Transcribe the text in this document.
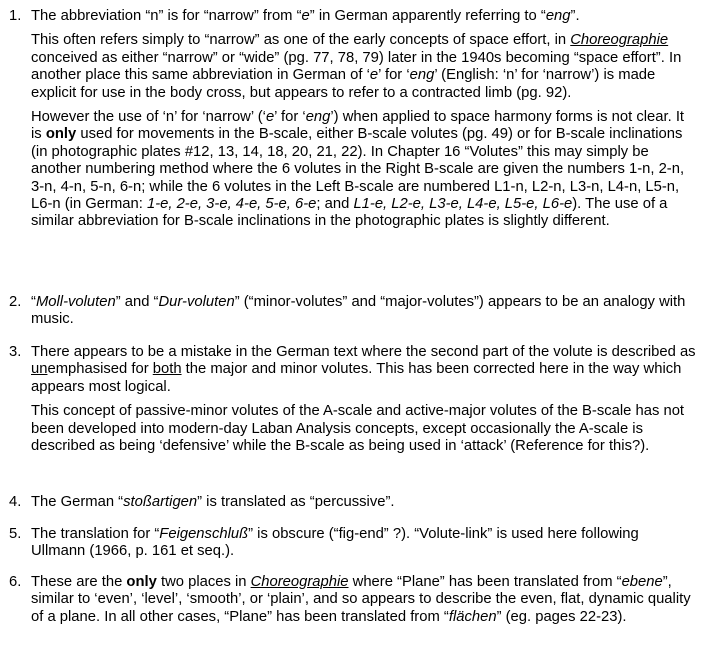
1. The abbreviation “n” is for “narrow” from “e” in German apparently referring to “eng”.

This often refers simply to “narrow” as one of the early concepts of space effort, in Choreographie conceived as either “narrow” or “wide” (pg. 77, 78, 79) later in the 1940s becoming “space effort”. In another place this same abbreviation in German of ‘e’ for ‘eng’ (English: ‘n’ for ‘narrow’) is made explicit for use in the body cross, but appears to refer to a contracted limb (pg. 92).

However the use of ‘n’ for ‘narrow’ (‘e’ for ‘eng’) when applied to space harmony forms is not clear. It is only used for movements in the B-scale, either B-scale volutes (pg. 49) or for B-scale inclinations (in photographic plates #12, 13, 14, 18, 20, 21, 22). In Chapter 16 “Volutes” this may simply be another numbering method where the 6 volutes in the Right B-scale are given the numbers 1-n, 2-n, 3-n, 4-n, 5-n, 6-n; while the 6 volutes in the Left B-scale are numbered L1-n, L2-n, L3-n, L4-n, L5-n, L6-n (in German: 1-e, 2-e, 3-e, 4-e, 5-e, 6-e; and L1-e, L2-e, L3-e, L4-e, L5-e, L6-e). The use of a similar abbreviation for B-scale inclinations in the photographic plates is slightly different.

2. “Moll-voluten” and “Dur-voluten” (“minor-volutes” and “major-volutes”) appears to be an analogy with music.

3. There appears to be a mistake in the German text where the second part of the volute is described as unemphasised for both the major and minor volutes. This has been corrected here in the way which appears most logical.

This concept of passive-minor volutes of the A-scale and active-major volutes of the B-scale has not been developed into modern-day Laban Analysis concepts, except occasionally the A-scale is described as being ‘defensive’ while the B-scale as being used in ‘attack’ (Reference for this?).

4. The German “stoßartigen” is translated as “percussive”.

5. The translation for “Feigenschluß” is obscure (“fig-end” ?). “Volute-link” is used here following Ullmann (1966, p. 161 et seq.).

6. These are the only two places in Choreographie where “Plane” has been translated from “ebene”, similar to ‘even’, ‘level’, ‘smooth’, or ‘plain’, and so appears to describe the even, flat, dynamic quality of a plane. In all other cases, “Plane” has been translated from “flächen” (eg. pages 22-23).
